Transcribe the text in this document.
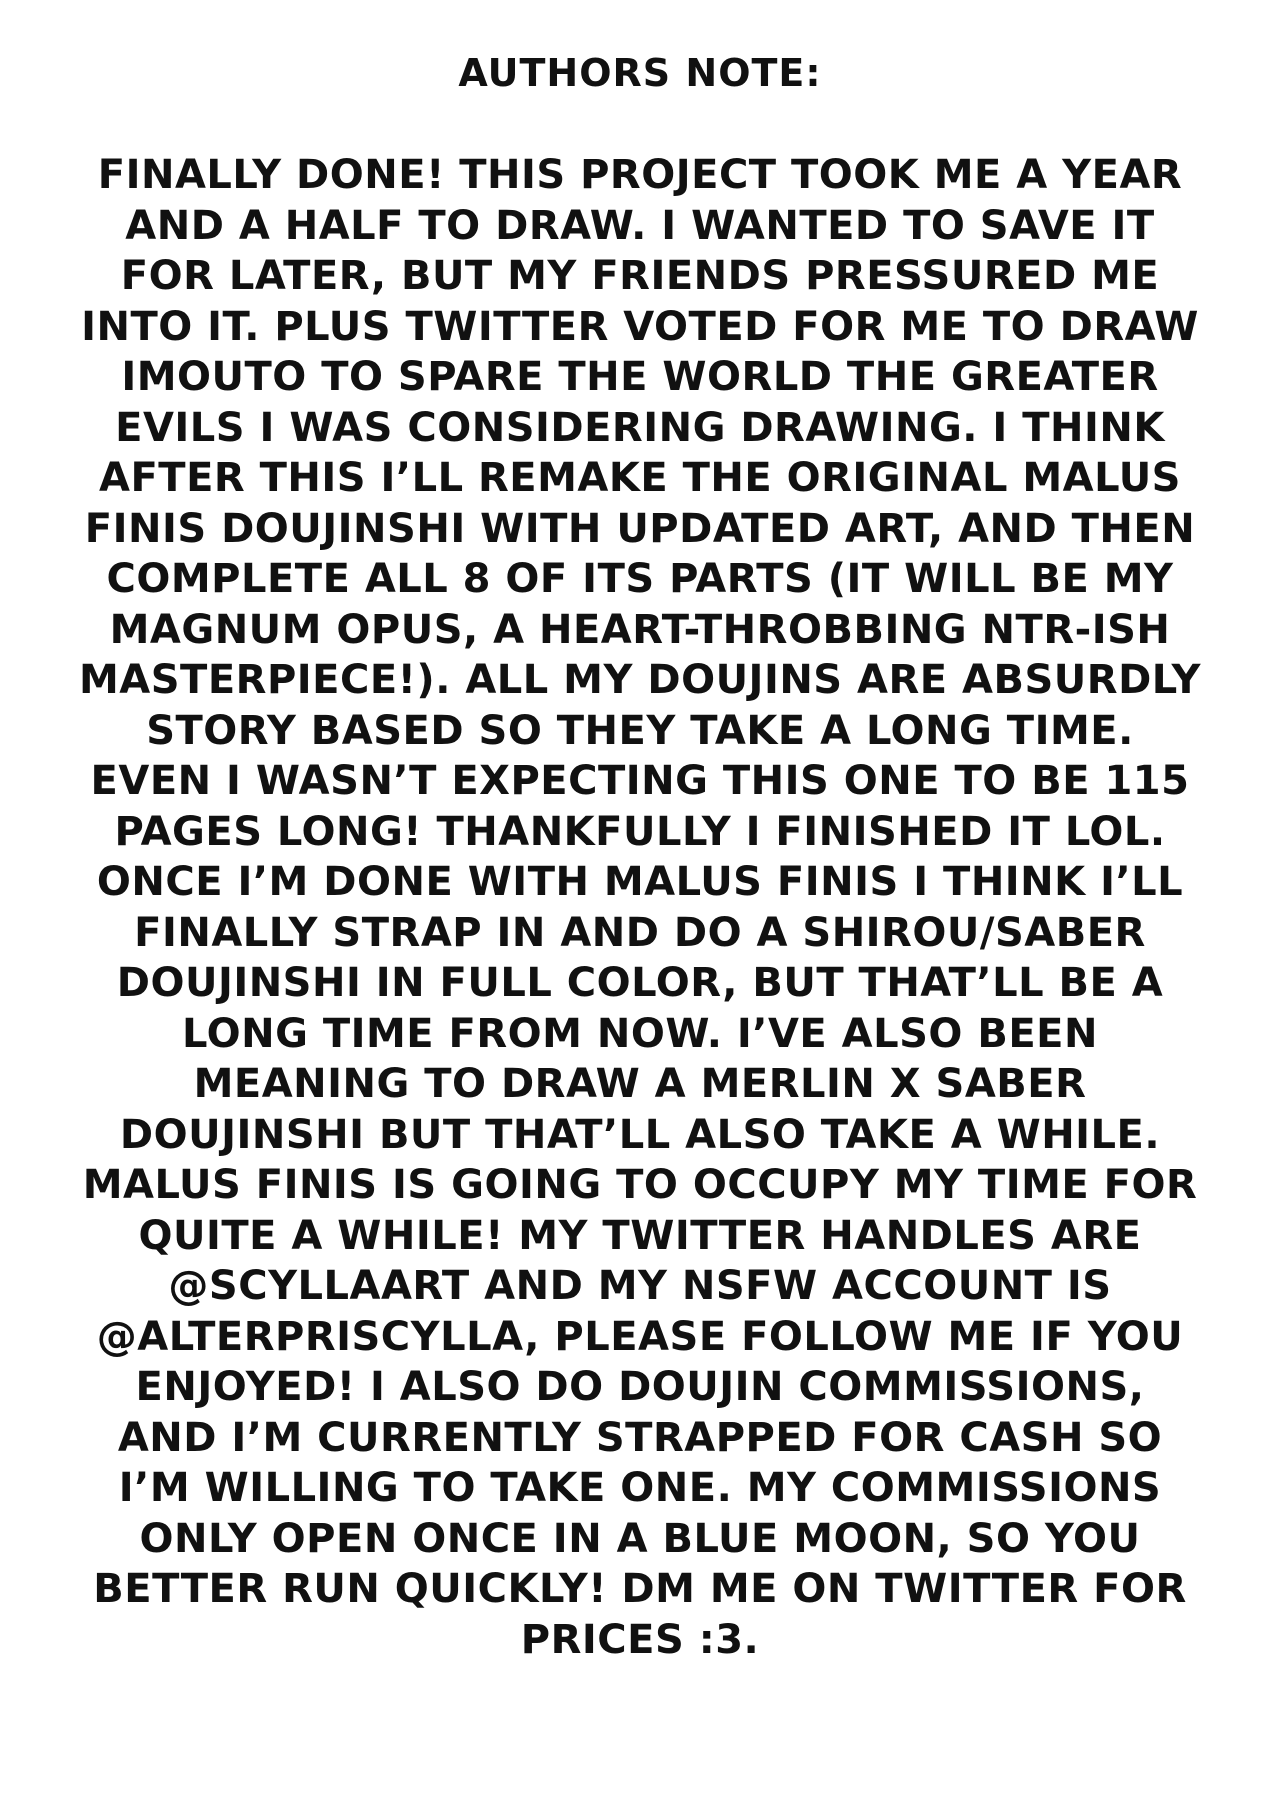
AUTHORS NOTE:
FINALLY DONE! THIS PROJECT TOOK ME A YEAR
AND A HALF TO DRAW. I WANTED TO SAVE IT
FOR LATER, BUT MY FRIENDS PRESSURED ME
INTO IT. PLUS TWITTER VOTED FOR ME TO DRAW
IMOUTO TO SPARE THE WORLD THE GREATER
EVILS I WAS CONSIDERING DRAWING. I THINK
AFTER THIS I’LL REMAKE THE ORIGINAL MALUS
FINIS DOUJINSHI WITH UPDATED ART, AND THEN
COMPLETE ALL 8 OF ITS PARTS (IT WILL BE MY
MAGNUM OPUS, A HEART-THROBBING NTR-ISH
MASTERPIECE!). ALL MY DOUJINS ARE ABSURDLY
STORY BASED SO THEY TAKE A LONG TIME.
EVEN I WASN’T EXPECTING THIS ONE TO BE 115
PAGES LONG! THANKFULLY I FINISHED IT LOL.
ONCE I’M DONE WITH MALUS FINIS I THINK I’LL
FINALLY STRAP IN AND DO A SHIROU/SABER
DOUJINSHI IN FULL COLOR, BUT THAT’LL BE A
LONG TIME FROM NOW. I’VE ALSO BEEN
MEANING TO DRAW A MERLIN X SABER
DOUJINSHI BUT THAT’LL ALSO TAKE A WHILE.
MALUS FINIS IS GOING TO OCCUPY MY TIME FOR
QUITE A WHILE! MY TWITTER HANDLES ARE
@SCYLLAART AND MY NSFW ACCOUNT IS
@ALTERPRISCYLLA, PLEASE FOLLOW ME IF YOU
ENJOYED! I ALSO DO DOUJIN COMMISSIONS,
AND I’M CURRENTLY STRAPPED FOR CASH SO
I’M WILLING TO TAKE ONE. MY COMMISSIONS
ONLY OPEN ONCE IN A BLUE MOON, SO YOU
BETTER RUN QUICKLY! DM ME ON TWITTER FOR
PRICES :3.
